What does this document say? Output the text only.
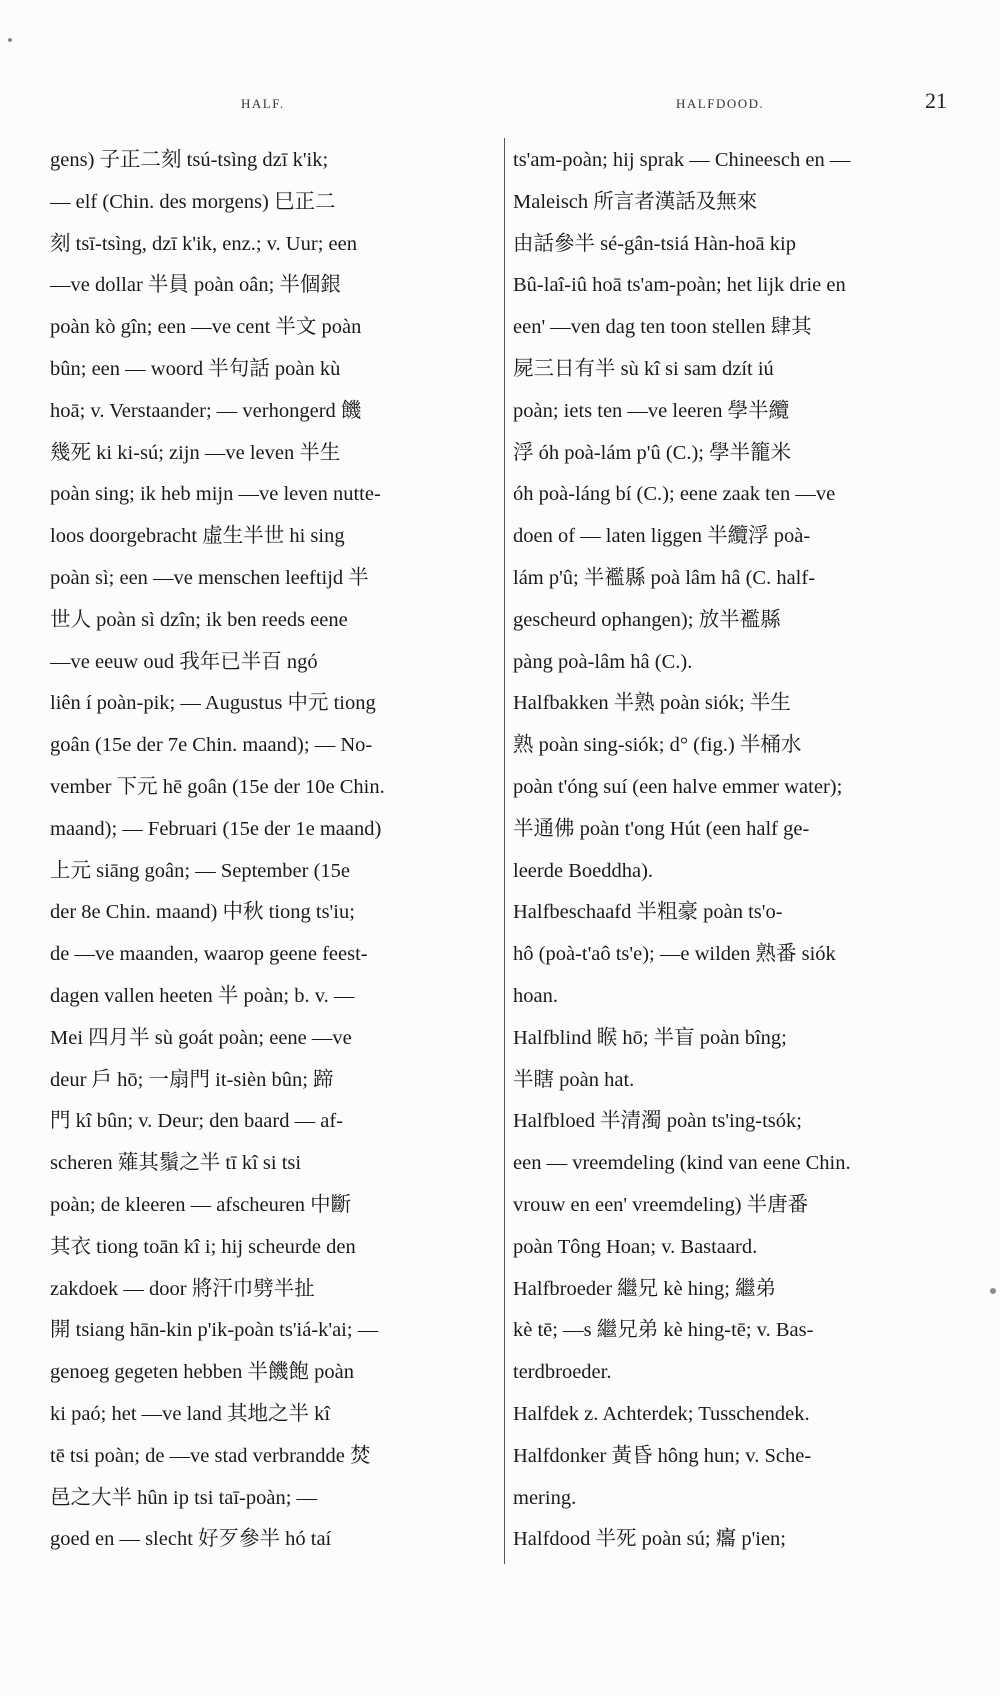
HALF.	HALFDOOD.	21
gens) 子正二刻 tsú-tsìng dzī k'ik;
— elf (Chin. des morgens) 巳正二
刻 tsī-tsìng, dzī k'ik, enz.; v. Uur; een
—ve dollar 半員 poàn oân; 半個銀
poàn kò gîn; een —ve cent 半文 poàn
bûn; een — woord 半句話 poàn kù
hoā; v. Verstaander; — verhongerd 饑
幾死 ki ki-sú; zijn —ve leven 半生
poàn sing; ik heb mijn —ve leven nutte-
loos doorgebracht 虛生半世 hi sing
poàn sì; een —ve menschen leeftijd 半
世人 poàn sì dzîn; ik ben reeds eene
—ve eeuw oud 我年已半百 ngó
liên í poàn-pik; — Augustus 中元 tiong
goân (15e der 7e Chin. maand); — No-
vember 下元 hē goân (15e der 10e Chin.
maand); — Februari (15e der 1e maand)
上元 siāng goân; — September (15e
der 8e Chin. maand) 中秋 tiong ts'iu;
de —ve maanden, waarop geene feest-
dagen vallen heeten 半 poàn; b. v. —
Mei 四月半 sù goát poàn; eene —ve
deur 戶 hō; 一扇門 it-sièn bûn; 蹄
門 kî bûn; v. Deur; den baard — af-
scheren 薙其鬚之半 tī kî si tsi
poàn; de kleeren — afscheuren 中斷
其衣 tiong toān kî i; hij scheurde den
zakdoek — door 將汗巾劈半扯
開 tsiang hān-kin p'ik-poàn ts'iá-k'ai; —
genoeg gegeten hebben 半饑飽 poàn
ki paó; het —ve land 其地之半 kî
tē tsi poàn; de —ve stad verbrandde 焚
邑之大半 hûn ip tsi taī-poàn; —
goed en — slecht 好歹參半 hó taí
ts'am-poàn; hij sprak — Chineesch en —
Maleisch 所言者漢話及無來
由話參半 sé-gân-tsiá Hàn-hoā kip
Bû-laî-iû hoā ts'am-poàn; het lijk drie en
een' —ven dag ten toon stellen 肆其
屍三日有半 sù kî si sam dzít iú
poàn; iets ten —ve leeren 學半纜
浮 óh poà-lám p'û (C.); 學半籠米
óh poà-láng bí (C.); eene zaak ten —ve
doen of — laten liggen 半纜浮 poà-
lám p'û; 半襤縣 poà lâm hâ (C. half-
gescheurd ophangen); 放半襤縣
pàng poà-lâm hâ (C.).
Halfbakken 半熟 poàn siók; 半生
熟 poàn sing-siók; d° (fig.) 半桶水
poàn t'óng suí (een halve emmer water);
半通佛 poàn t'ong Hút (een half ge-
leerde Boeddha).
Halfbeschaafd 半粗豪 poàn ts'o-
hô (poà-t'aô ts'e); —e wilden 熟番 siók
hoan.
Halfblind 睺 hō; 半盲 poàn bîng;
半瞎 poàn hat.
Halfbloed 半清濁 poàn ts'ing-tsók;
een — vreemdeling (kind van eene Chin.
vrouw en een' vreemdeling) 半唐番
poàn Tông Hoan; v. Bastaard.
Halfbroeder 繼兄 kè hing; 繼弟
kè tē; —s 繼兄弟 kè hing-tē; v. Bas-
terdbroeder.
Halfdek z. Achterdek; Tusschendek.
Halfdonker 黃昏 hông hun; v. Sche-
mering.
Halfdood 半死 poàn sú; 癟 p'ien;
